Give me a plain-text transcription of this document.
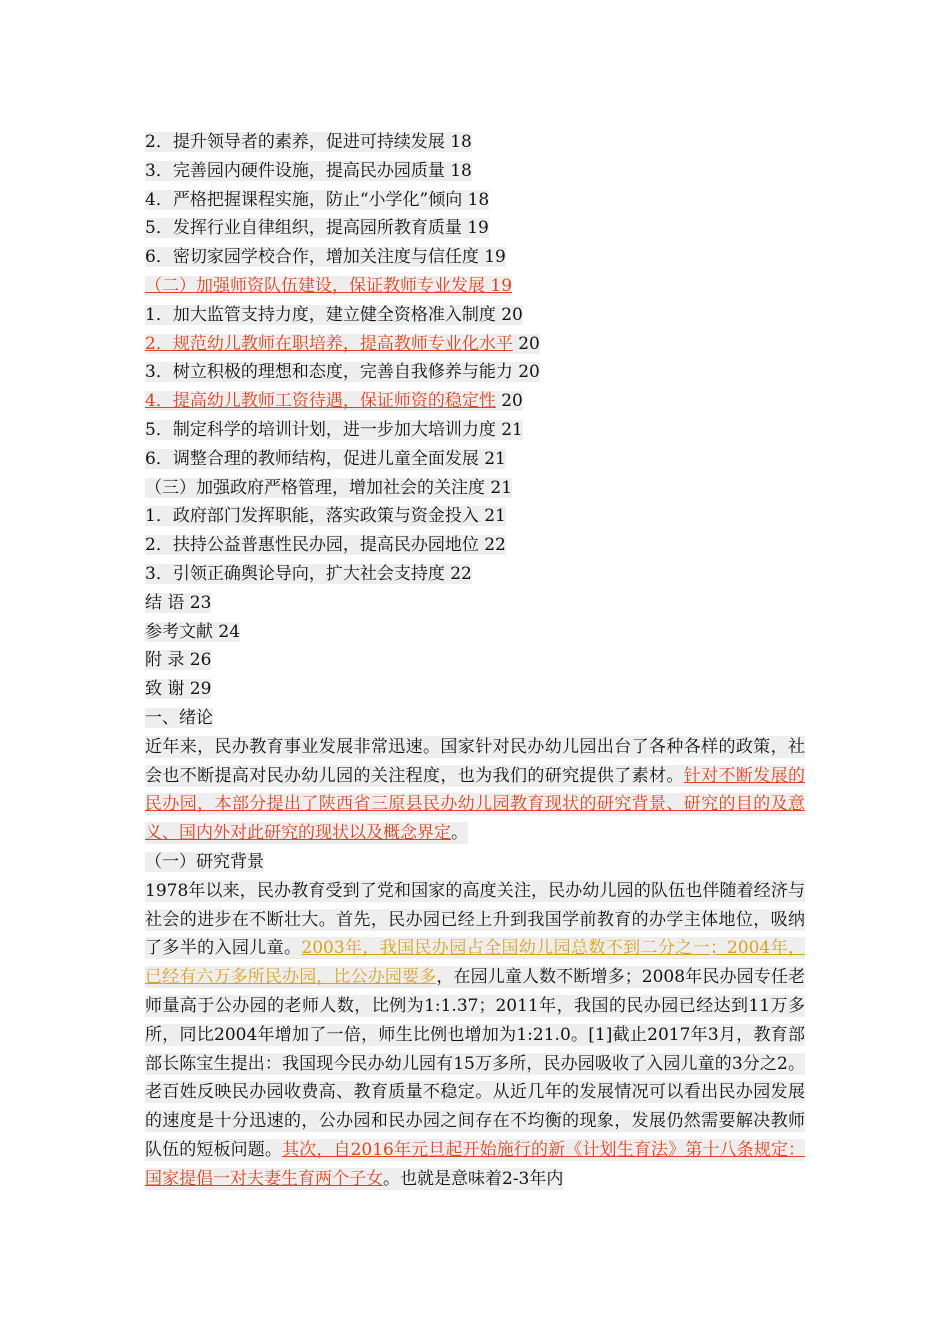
2．提升领导者的素养，促进可持续发展 18
3．完善园内硬件设施，提高民办园质量 18
4．严格把握课程实施，防止“小学化”倾向 18
5．发挥行业自律组织，提高园所教育质量 19
6．密切家园学校合作，增加关注度与信任度 19
（二）加强师资队伍建设，保证教师专业发展 19
1．加大监管支持力度，建立健全资格准入制度 20
2．规范幼儿教师在职培养，提高教师专业化水平 20
3．树立积极的理想和态度，完善自我修养与能力 20
4．提高幼儿教师工资待遇，保证师资的稳定性 20
5．制定科学的培训计划，进一步加大培训力度 21
6．调整合理的教师结构，促进儿童全面发展 21
（三）加强政府严格管理，增加社会的关注度 21
1．政府部门发挥职能，落实政策与资金投入 21
2．扶持公益普惠性民办园，提高民办园地位 22
3．引领正确舆论导向，扩大社会支持度 22
结 语 23
参考文献 24
附 录 26
致 谢 29
一、绪论

近年来，民办教育事业发展非常迅速。国家针对民办幼儿园出台了各种各样的政策，社会也不断提高对民办幼儿园的关注程度，也为我们的研究提供了素材。针对不断发展的民办园，本部分提出了陕西省三原县民办幼儿园教育现状的研究背景、研究的目的及意义、国内外对此研究的现状以及概念界定。

（一）研究背景

1978年以来，民办教育受到了党和国家的高度关注，民办幼儿园的队伍也伴随着经济与社会的进步在不断壮大。首先，民办园已经上升到我国学前教育的办学主体地位，吸纳了多半的入园儿童。2003年，我国民办园占全国幼儿园总数不到二分之一；2004年，已经有六万多所民办园，比公办园要多，在园儿童人数不断增多；2008年民办园专任老师量高于公办园的老师人数，比例为1:1.37；2011年，我国的民办园已经达到11万多所，同比2004年增加了一倍，师生比例也增加为1:21.0。[1]截止2017年3月，教育部部长陈宝生提出：我国现今民办幼儿园有15万多所，民办园吸收了入园儿童的3分之2。老百姓反映民办园收费高、教育质量不稳定。从近几年的发展情况可以看出民办园发展的速度是十分迅速的，公办园和民办园之间存在不均衡的现象，发展仍然需要解决教师队伍的短板问题。其次，自2016年元旦起开始施行的新《计划生育法》第十八条规定：国家提倡一对夫妻生育两个子女。也就是意味着2-3年内
